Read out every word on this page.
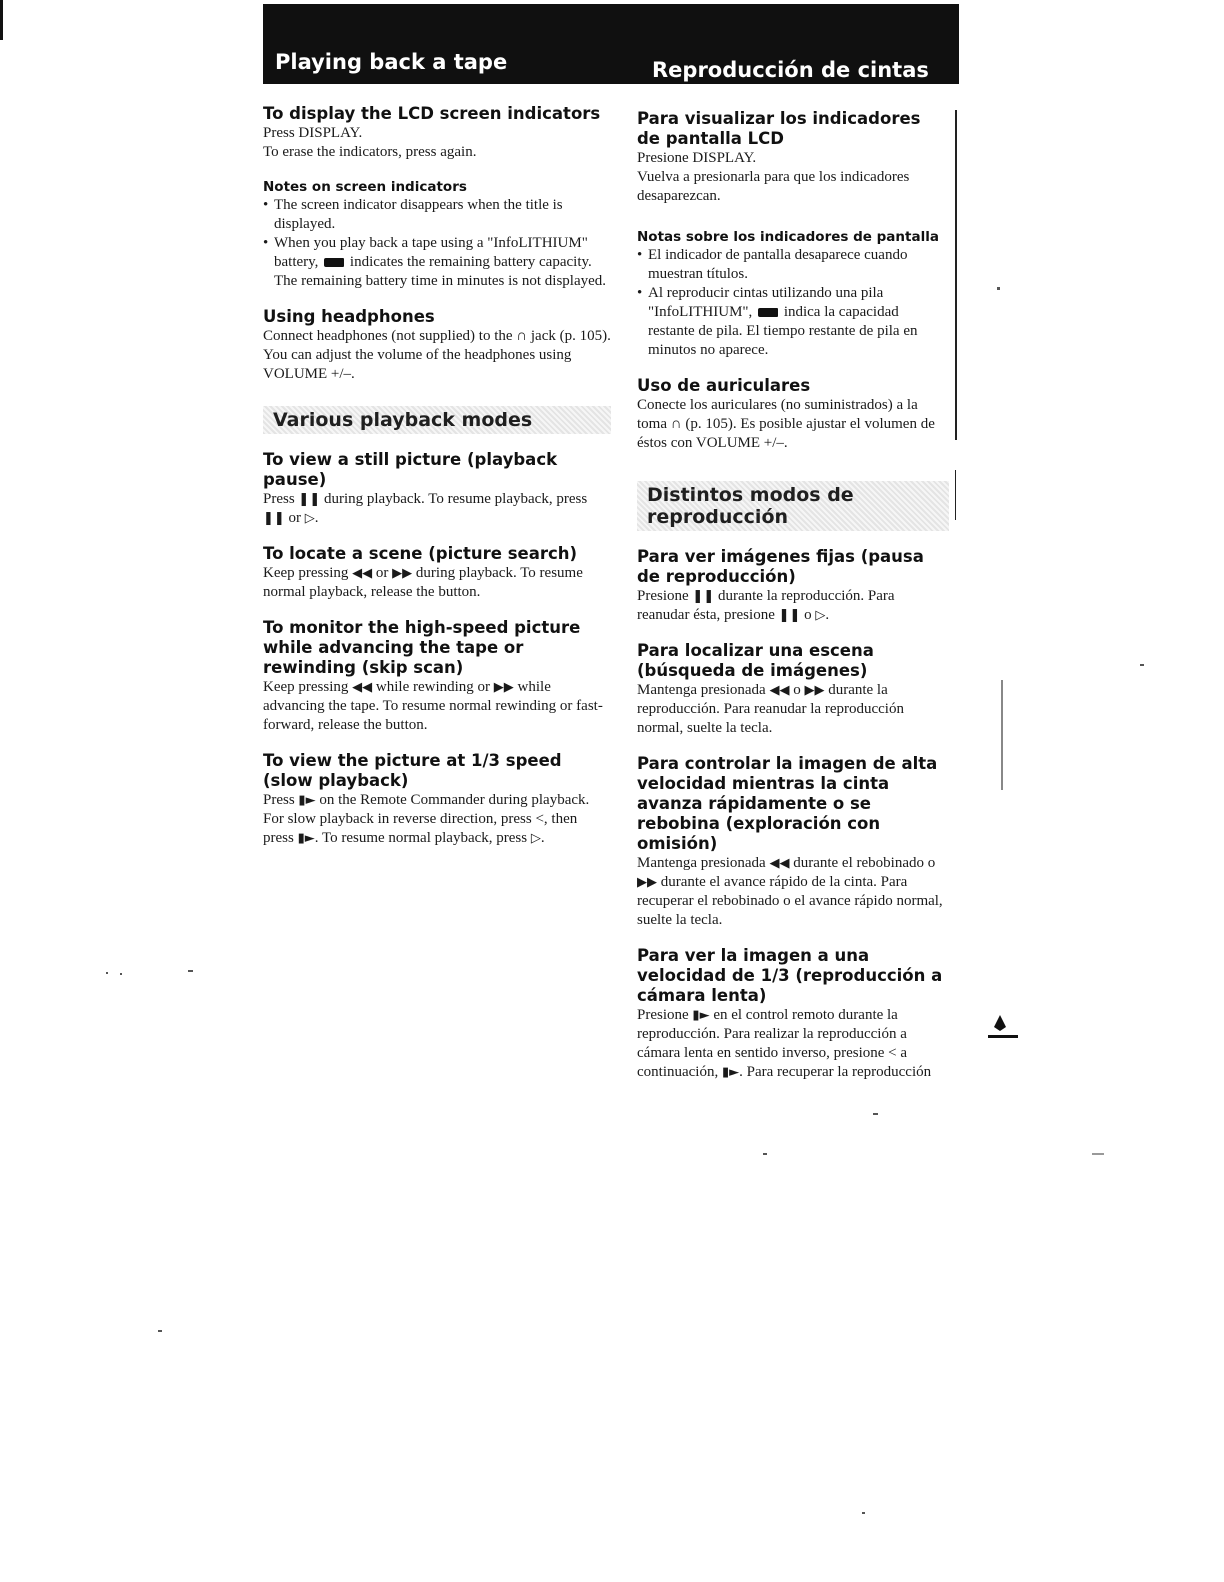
Playing back a tape	Reproducción de cintas
To display the LCD screen indicators

Press DISPLAY.

To erase the indicators, press again.

Notes on screen indicators
• The screen indicator disappears when the title is displayed.
• When you play back a tape using a "InfoLITHIUM" battery, indicates the remaining battery capacity. The remaining battery time in minutes is not displayed.
Using headphones

Connect headphones (not supplied) to the ∩ jack (p. 105). You can adjust the volume of the headphones using VOLUME +/–.

Various playback modes
To view a still picture (playback pause)

Press ❚❚ during playback. To resume playback, press ❚❚ or ▷.

To locate a scene (picture search)

Keep pressing ◀◀ or ▶▶ during playback. To resume normal playback, release the button.

To monitor the high-speed picture while advancing the tape or rewinding (skip scan)

Keep pressing ◀◀ while rewinding or ▶▶ while advancing the tape. To resume normal rewinding or fast-forward, release the button.

To view the picture at 1/3 speed (slow playback)

Press ▮► on the Remote Commander during playback. For slow playback in reverse direction, press <, then press ▮►. To resume normal playback, press ▷.

Para visualizar los indicadores de pantalla LCD

Presione DISPLAY.

Vuelva a presionarla para que los indicadores desaparezcan.

Notas sobre los indicadores de pantalla
• El indicador de pantalla desaparece cuando muestran títulos.
• Al reproducir cintas utilizando una pila "InfoLITHIUM", indica la capacidad restante de pila. El tiempo restante de pila en minutos no aparece.
Uso de auriculares

Conecte los auriculares (no suministrados) a la toma ∩ (p. 105). Es posible ajustar el volumen de éstos con VOLUME +/–.

Distintos modos de reproducción
Para ver imágenes fijas (pausa de reproducción)

Presione ❚❚ durante la reproducción. Para reanudar ésta, presione ❚❚ o ▷.

Para localizar una escena (búsqueda de imágenes)

Mantenga presionada ◀◀ o ▶▶ durante la reproducción. Para reanudar la reproducción normal, suelte la tecla.

Para controlar la imagen de alta velocidad mientras la cinta avanza rápidamente o se rebobina (exploración con omisión)

Mantenga presionada ◀◀ durante el rebobinado o ▶▶ durante el avance rápido de la cinta. Para recuperar el rebobinado o el avance rápido normal, suelte la tecla.

Para ver la imagen a una velocidad de 1/3 (reproducción a cámara lenta)

Presione ▮► en el control remoto durante la reproducción. Para realizar la reproducción a cámara lenta en sentido inverso, presione < a continuación, ▮►. Para recuperar la reproducción
